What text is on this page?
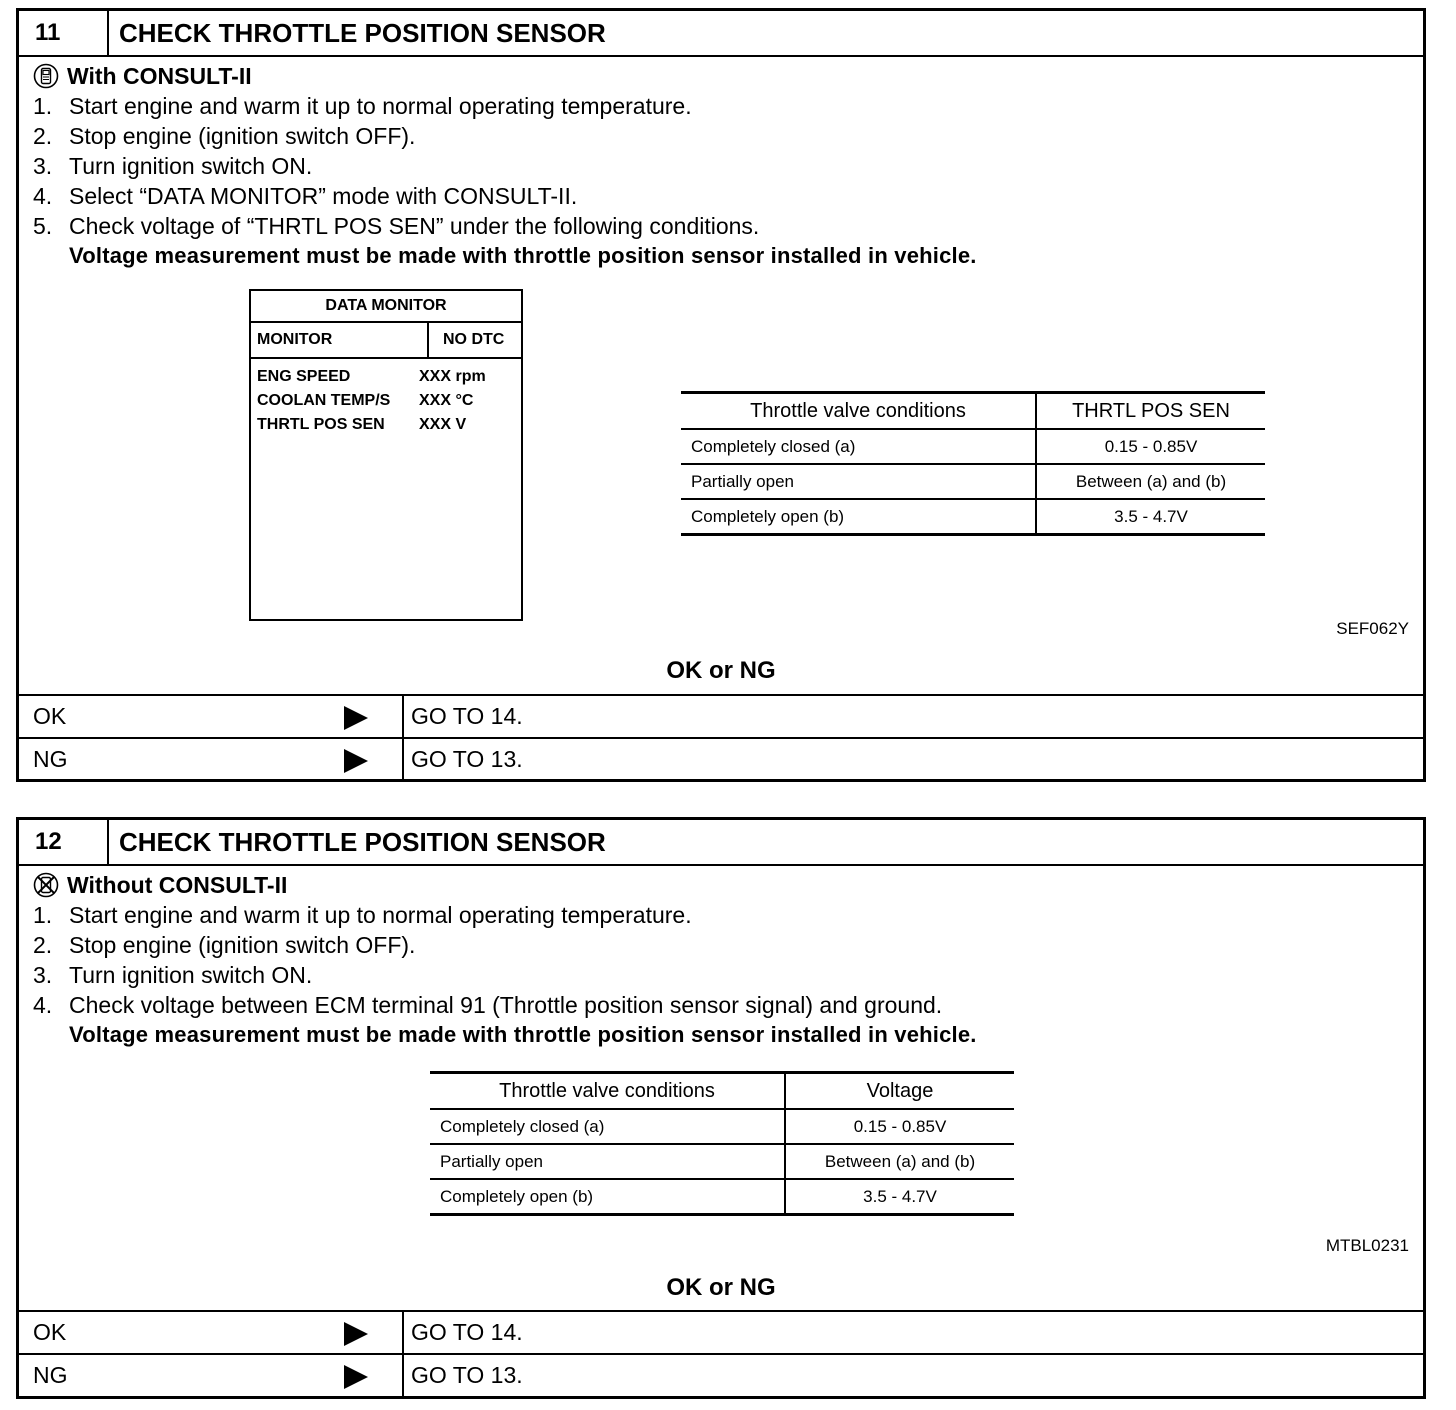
11	CHECK THROTTLE POSITION SENSOR
With CONSULT-II
1. Start engine and warm it up to normal operating temperature.
2. Stop engine (ignition switch OFF).
3. Turn ignition switch ON.
4. Select “DATA MONITOR” mode with CONSULT-II.
5. Check voltage of “THRTL POS SEN” under the following conditions.
Voltage measurement must be made with throttle position sensor installed in vehicle.
DATA MONITOR
MONITOR	NO DTC
ENG SPEED	XXX rpm
COOLAN TEMP/S XXX °C
THRTL POS SEN XXX V
Throttle valve conditions	THRTL POS SEN
Completely closed (a)	0.15 - 0.85V
Partially open	Between (a) and (b)
Completely open (b)	3.5 - 4.7V
SEF062Y
OK or NG
OK	GO TO 14.
NG	GO TO 13.
12	CHECK THROTTLE POSITION SENSOR
Without CONSULT-II
1. Start engine and warm it up to normal operating temperature.
2. Stop engine (ignition switch OFF).
3. Turn ignition switch ON.
4. Check voltage between ECM terminal 91 (Throttle position sensor signal) and ground.
Voltage measurement must be made with throttle position sensor installed in vehicle.
Throttle valve conditions	Voltage
Completely closed (a)	0.15 - 0.85V
Partially open	Between (a) and (b)
Completely open (b)	3.5 - 4.7V
MTBL0231
OK or NG
OK	GO TO 14.
NG	GO TO 13.
